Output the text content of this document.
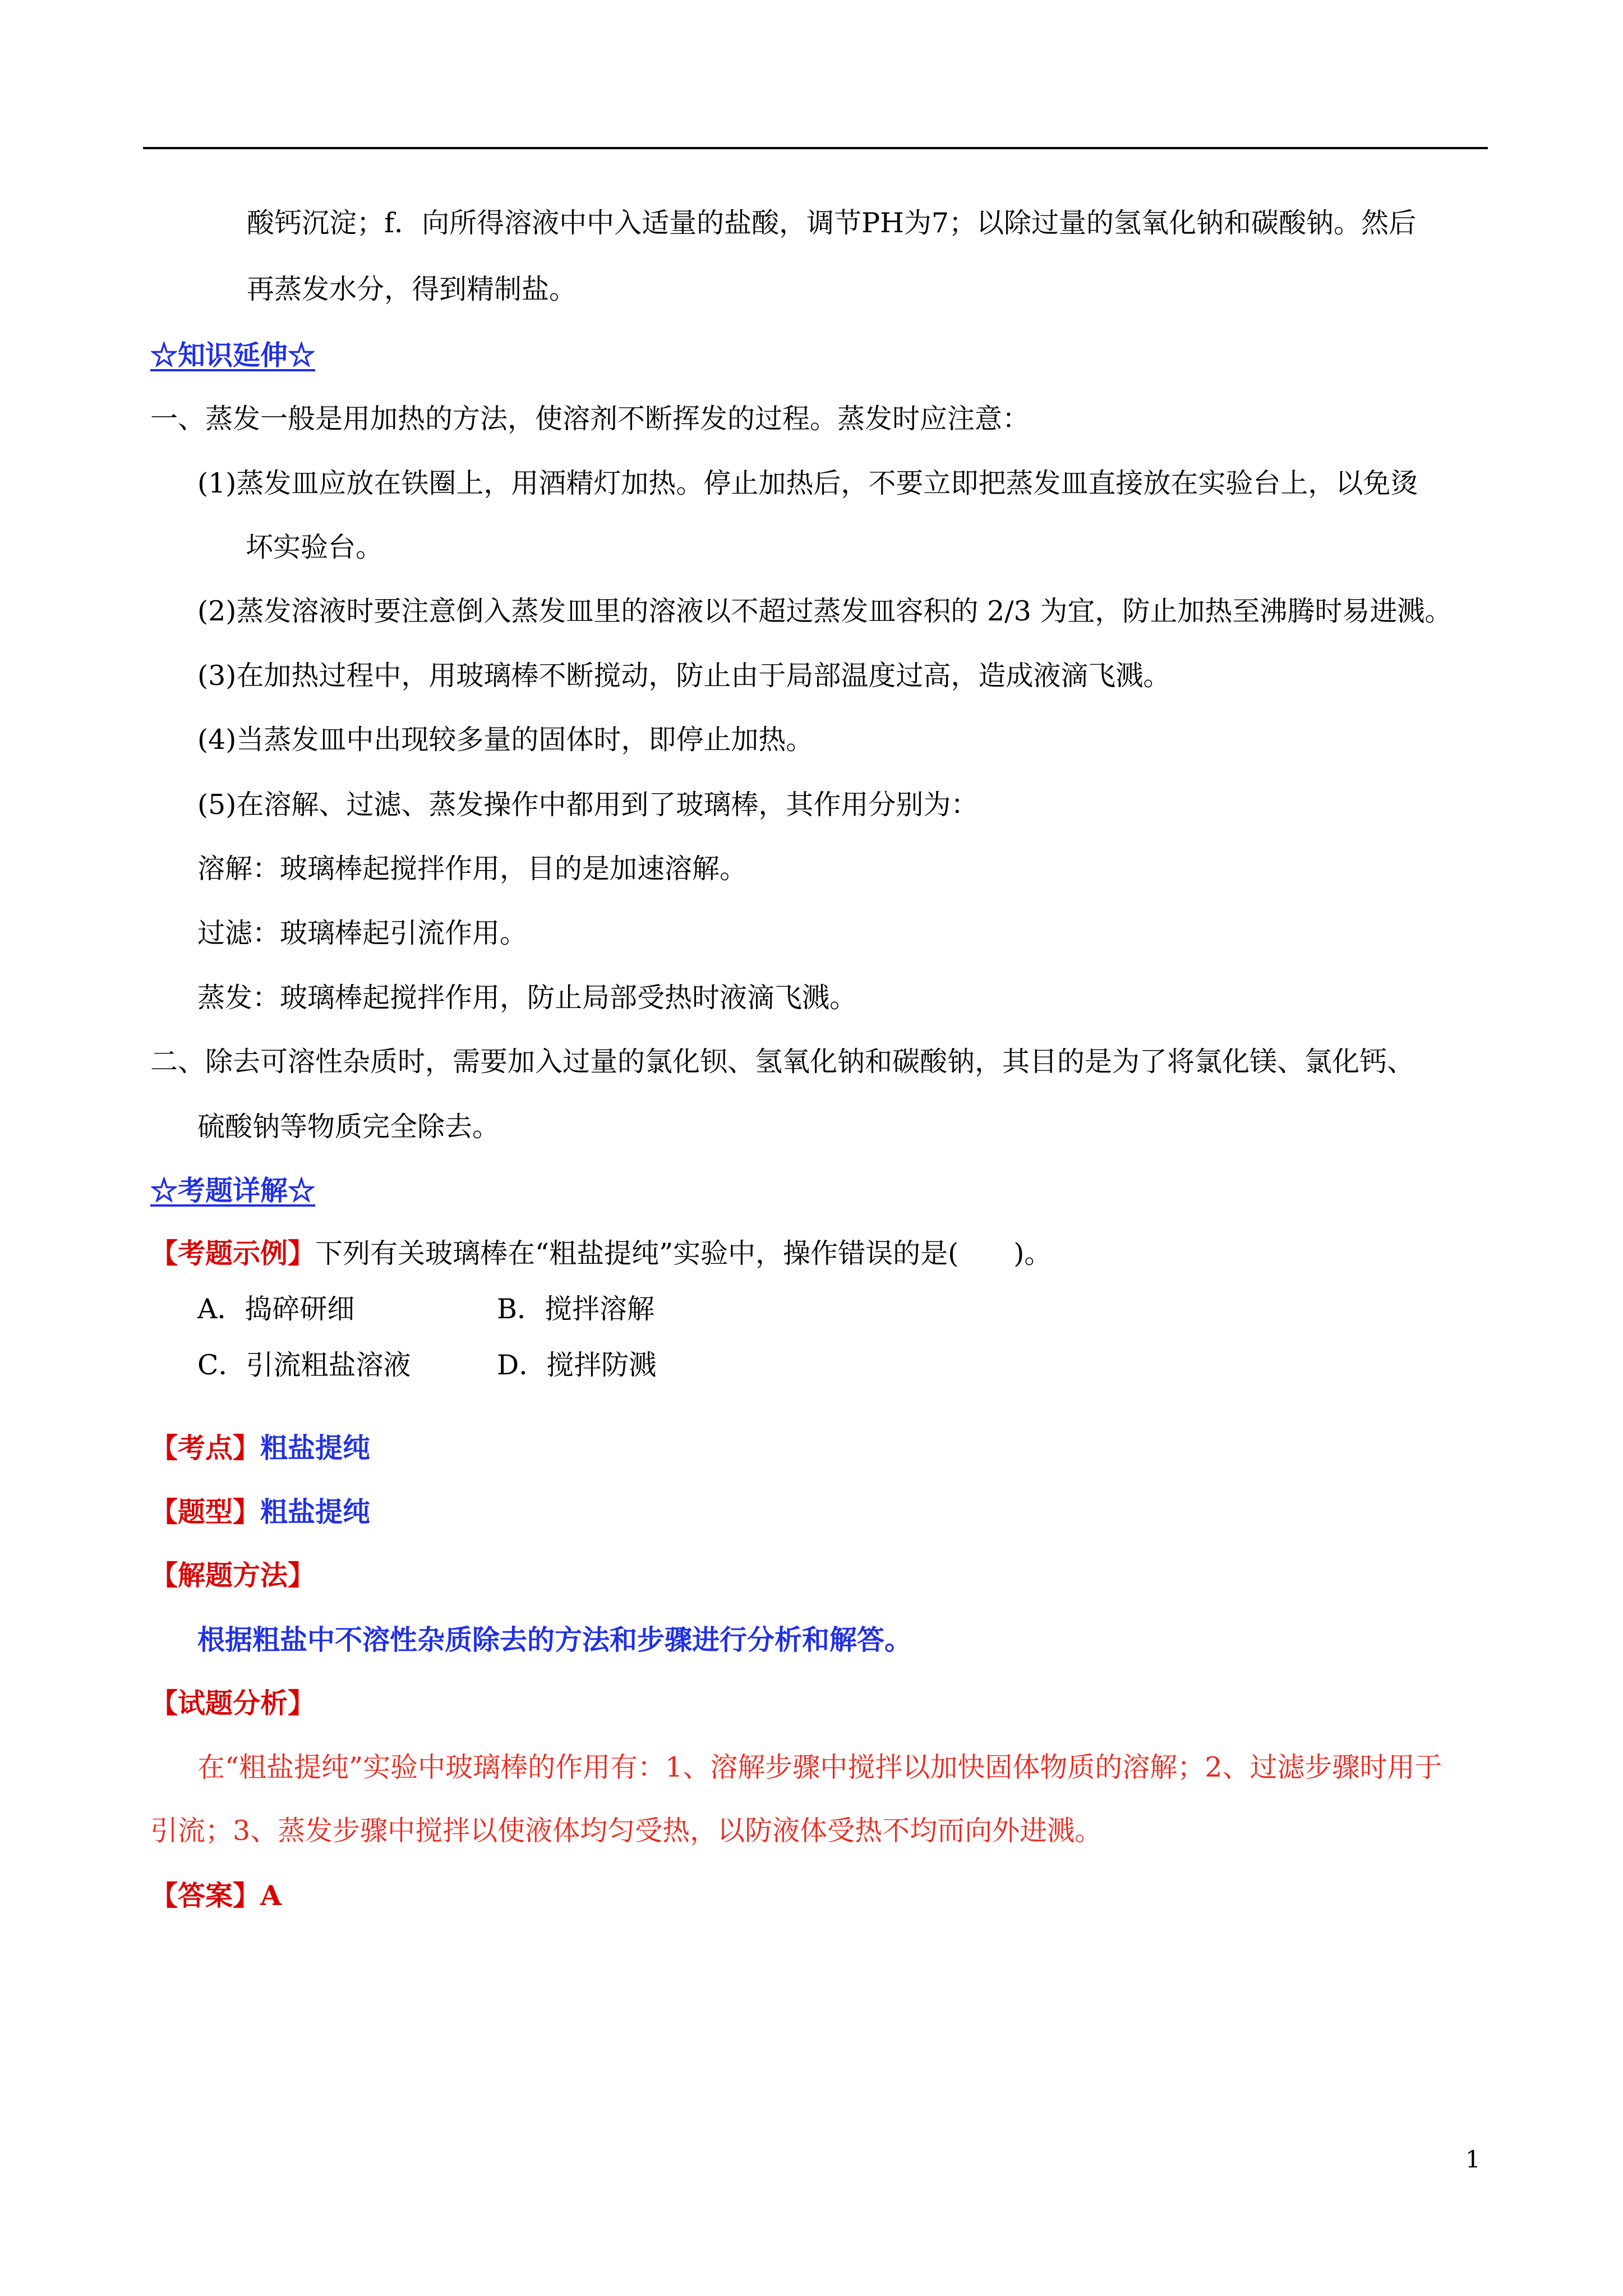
酸钙沉淀；f．向所得溶液中中入适量的盐酸，调节PH为7；以除过量的氢氧化钠和碳酸钠。然后
再蒸发水分，得到精制盐。
☆知识延伸☆
一、蒸发一般是用加热的方法，使溶剂不断挥发的过程。蒸发时应注意：
(1)蒸发皿应放在铁圈上，用酒精灯加热。停止加热后，不要立即把蒸发皿直接放在实验台上，以免烫
坏实验台。
(2)蒸发溶液时要注意倒入蒸发皿里的溶液以不超过蒸发皿容积的 2/3 为宜，防止加热至沸腾时易进溅。
(3)在加热过程中，用玻璃棒不断搅动，防止由于局部温度过高，造成液滴飞溅。
(4)当蒸发皿中出现较多量的固体时，即停止加热。
(5)在溶解、过滤、蒸发操作中都用到了玻璃棒，其作用分别为：
溶解：玻璃棒起搅拌作用，目的是加速溶解。
过滤：玻璃棒起引流作用。
蒸发：玻璃棒起搅拌作用，防止局部受热时液滴飞溅。
二、除去可溶性杂质时，需要加入过量的氯化钡、氢氧化钠和碳酸钠，其目的是为了将氯化镁、氯化钙、
硫酸钠等物质完全除去。
☆考题详解☆
【考题示例】下列有关玻璃棒在“粗盐提纯”实验中，操作错误的是(　　)。
A．捣碎研细	B．搅拌溶解
C．引流粗盐溶液	D．搅拌防溅
【考点】粗盐提纯
【题型】粗盐提纯
【解题方法】
根据粗盐中不溶性杂质除去的方法和步骤进行分析和解答。
【试题分析】
在“粗盐提纯”实验中玻璃棒的作用有：1、溶解步骤中搅拌以加快固体物质的溶解；2、过滤步骤时用于
引流；3、蒸发步骤中搅拌以使液体均匀受热，以防液体受热不均而向外进溅。
【答案】A
1
